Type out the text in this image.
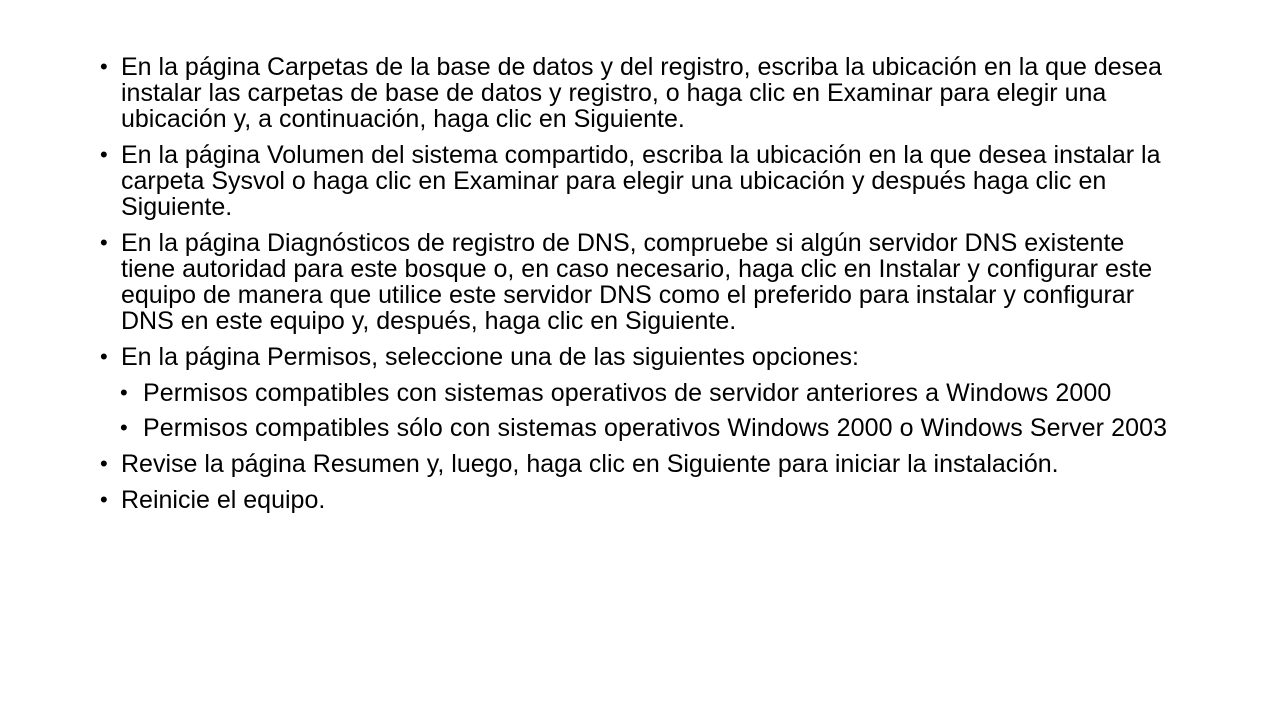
• En la página Carpetas de la base de datos y del registro, escriba la ubicación en la que desea instalar las carpetas de base de datos y registro, o haga clic en Examinar para elegir una ubicación y, a continuación, haga clic en Siguiente.
• En la página Volumen del sistema compartido, escriba la ubicación en la que desea instalar la carpeta Sysvol o haga clic en Examinar para elegir una ubicación y después haga clic en Siguiente.
• En la página Diagnósticos de registro de DNS, compruebe si algún servidor DNS existente tiene autoridad para este bosque o, en caso necesario, haga clic en Instalar y configurar este equipo de manera que utilice este servidor DNS como el preferido para instalar y configurar DNS en este equipo y, después, haga clic en Siguiente.
• En la página Permisos, seleccione una de las siguientes opciones:
• Permisos compatibles con sistemas operativos de servidor anteriores a Windows 2000
• Permisos compatibles sólo con sistemas operativos Windows 2000 o Windows Server 2003
• Revise la página Resumen y, luego, haga clic en Siguiente para iniciar la instalación.
• Reinicie el equipo.
